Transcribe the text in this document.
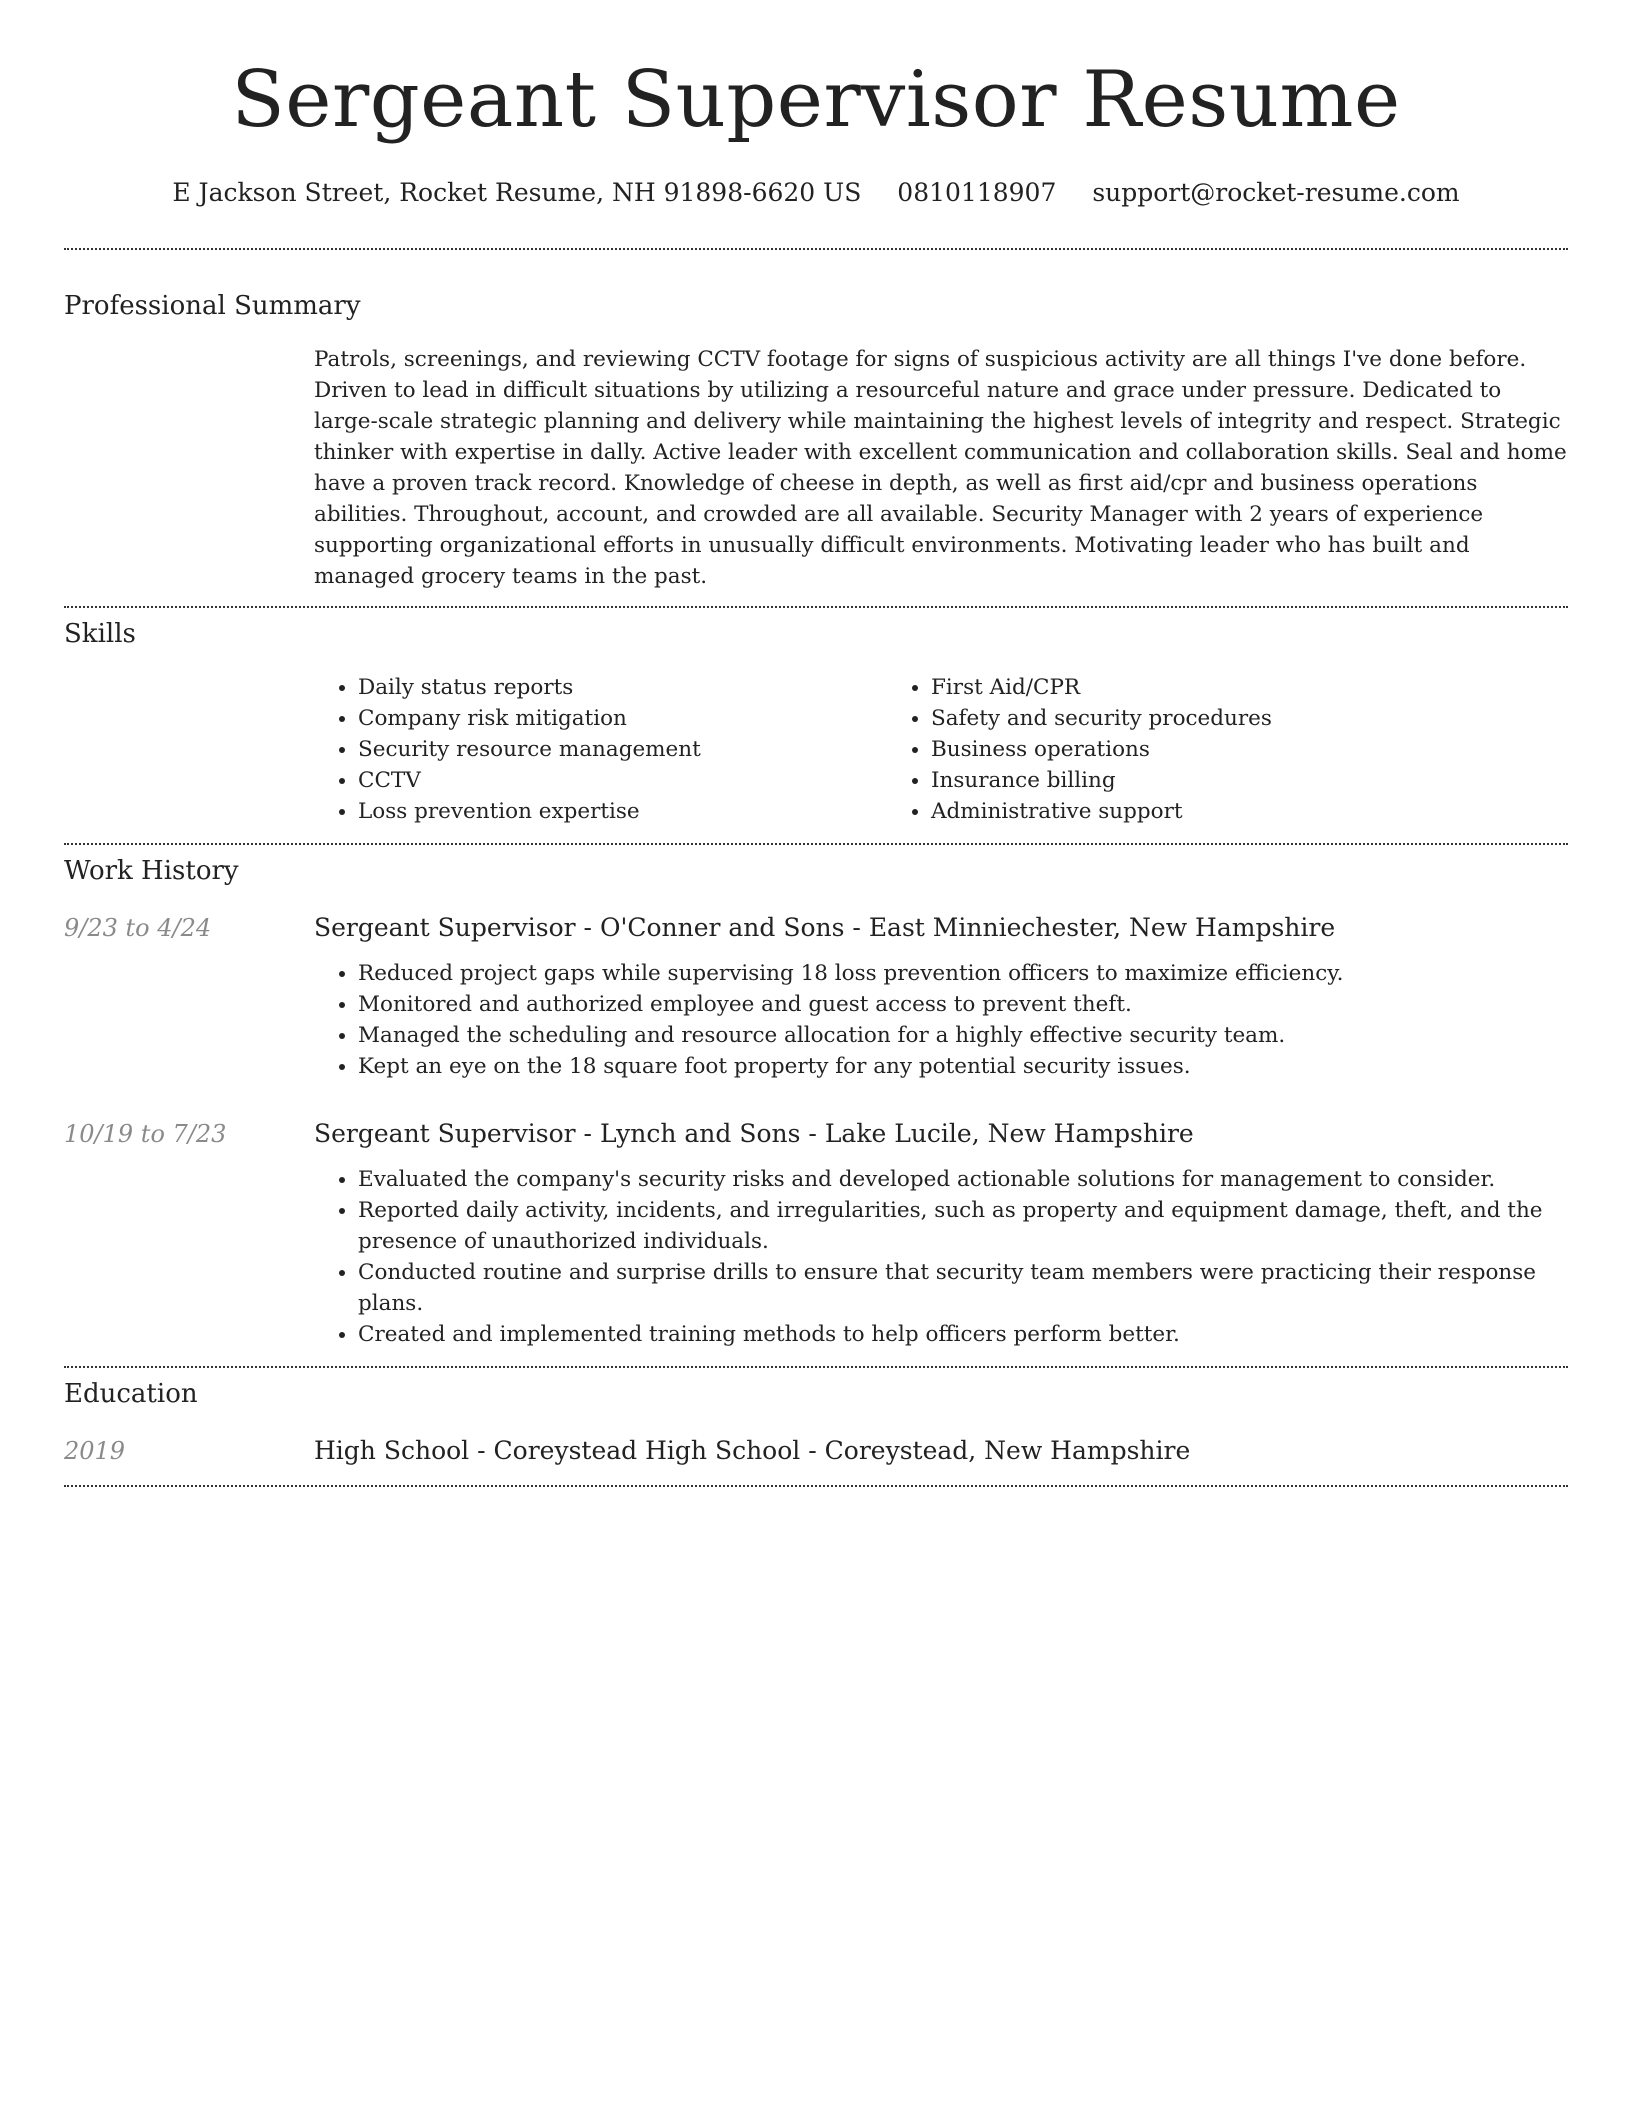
Sergeant Supervisor Resume
E Jackson Street, Rocket Resume, NH 91898-6620 US 0810118907 support@rocket-resume.com
Professional Summary
Patrols, screenings, and reviewing CCTV footage for signs of suspicious activity are all things I've done before. Driven to lead in difficult situations by utilizing a resourceful nature and grace under pressure. Dedicated to large-scale strategic planning and delivery while maintaining the highest levels of integrity and respect. Strategic thinker with expertise in dally. Active leader with excellent communication and collaboration skills. Seal and home have a proven track record. Knowledge of cheese in depth, as well as first aid/cpr and business operations abilities. Throughout, account, and crowded are all available. Security Manager with 2 years of experience supporting organizational efforts in unusually difficult environments. Motivating leader who has built and managed grocery teams in the past.
Skills
• Daily status reports
• Company risk mitigation
• Security resource management
• CCTV
• Loss prevention expertise
• First Aid/CPR
• Safety and security procedures
• Business operations
• Insurance billing
• Administrative support
Work History
9/23 to 4/24	Sergeant Supervisor - O'Conner and Sons - East Minniechester, New Hampshire
• Reduced project gaps while supervising 18 loss prevention officers to maximize efficiency.
• Monitored and authorized employee and guest access to prevent theft.
• Managed the scheduling and resource allocation for a highly effective security team.
• Kept an eye on the 18 square foot property for any potential security issues.
10/19 to 7/23	Sergeant Supervisor - Lynch and Sons - Lake Lucile, New Hampshire
• Evaluated the company's security risks and developed actionable solutions for management to consider.
• Reported daily activity, incidents, and irregularities, such as property and equipment damage, theft, and the presence of unauthorized individuals.
• Conducted routine and surprise drills to ensure that security team members were practicing their response plans.
• Created and implemented training methods to help officers perform better.
Education
2019	High School - Coreystead High School - Coreystead, New Hampshire
